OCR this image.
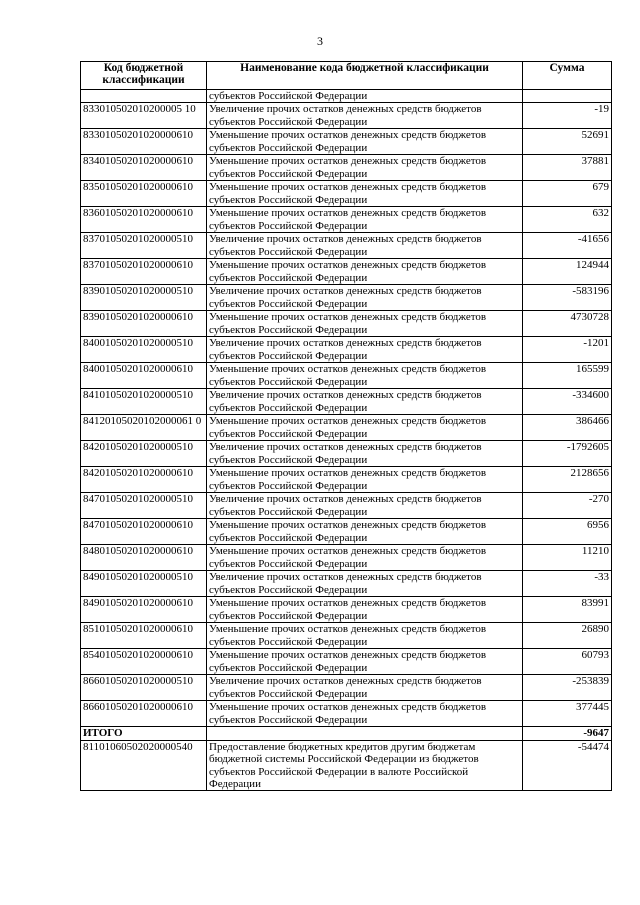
3
Код бюджетной классификации	Наименование кода бюджетной классификации	Сумма
	субъектов Российской Федерации	
833010502010200005 10	Увеличение прочих остатков денежных средств бюджетов субъектов Российской Федерации	-19
83301050201020000610	Уменьшение прочих остатков денежных средств бюджетов субъектов Российской Федерации	52691
83401050201020000610	Уменьшение прочих остатков денежных средств бюджетов субъектов Российской Федерации	37881
83501050201020000610	Уменьшение прочих остатков денежных средств бюджетов субъектов Российской Федерации	679
83601050201020000610	Уменьшение прочих остатков денежных средств бюджетов субъектов Российской Федерации	632
83701050201020000510	Увеличение прочих остатков денежных средств бюджетов субъектов Российской Федерации	-41656
83701050201020000610	Уменьшение прочих остатков денежных средств бюджетов субъектов Российской Федерации	124944
83901050201020000510	Увеличение прочих остатков денежных средств бюджетов субъектов Российской Федерации	-583196
83901050201020000610	Уменьшение прочих остатков денежных средств бюджетов субъектов Российской Федерации	4730728
84001050201020000510	Увеличение прочих остатков денежных средств бюджетов субъектов Российской Федерации	-1201
84001050201020000610	Уменьшение прочих остатков денежных средств бюджетов субъектов Российской Федерации	165599
84101050201020000510	Увеличение прочих остатков денежных средств бюджетов субъектов Российской Федерации	-334600
84120105020102000061 0	Уменьшение прочих остатков денежных средств бюджетов субъектов Российской Федерации	386466
84201050201020000510	Увеличение прочих остатков денежных средств бюджетов субъектов Российской Федерации	-1792605
84201050201020000610	Уменьшение прочих остатков денежных средств бюджетов субъектов Российской Федерации	2128656
84701050201020000510	Увеличение прочих остатков денежных средств бюджетов субъектов Российской Федерации	-270
84701050201020000610	Уменьшение прочих остатков денежных средств бюджетов субъектов Российской Федерации	6956
84801050201020000610	Уменьшение прочих остатков денежных средств бюджетов субъектов Российской Федерации	11210
84901050201020000510	Увеличение прочих остатков денежных средств бюджетов субъектов Российской Федерации	-33
84901050201020000610	Уменьшение прочих остатков денежных средств бюджетов субъектов Российской Федерации	83991
85101050201020000610	Уменьшение прочих остатков денежных средств бюджетов субъектов Российской Федерации	26890
85401050201020000610	Уменьшение прочих остатков денежных средств бюджетов субъектов Российской Федерации	60793
86601050201020000510	Увеличение прочих остатков денежных средств бюджетов субъектов Российской Федерации	-253839
86601050201020000610	Уменьшение прочих остатков денежных средств бюджетов субъектов Российской Федерации	377445
ИТОГО		-9647
81101060502020000540	Предоставление бюджетных кредитов другим бюджетам бюджетной системы Российской Федерации из бюджетов субъектов Российской Федерации в валюте Российской Федерации	-54474
